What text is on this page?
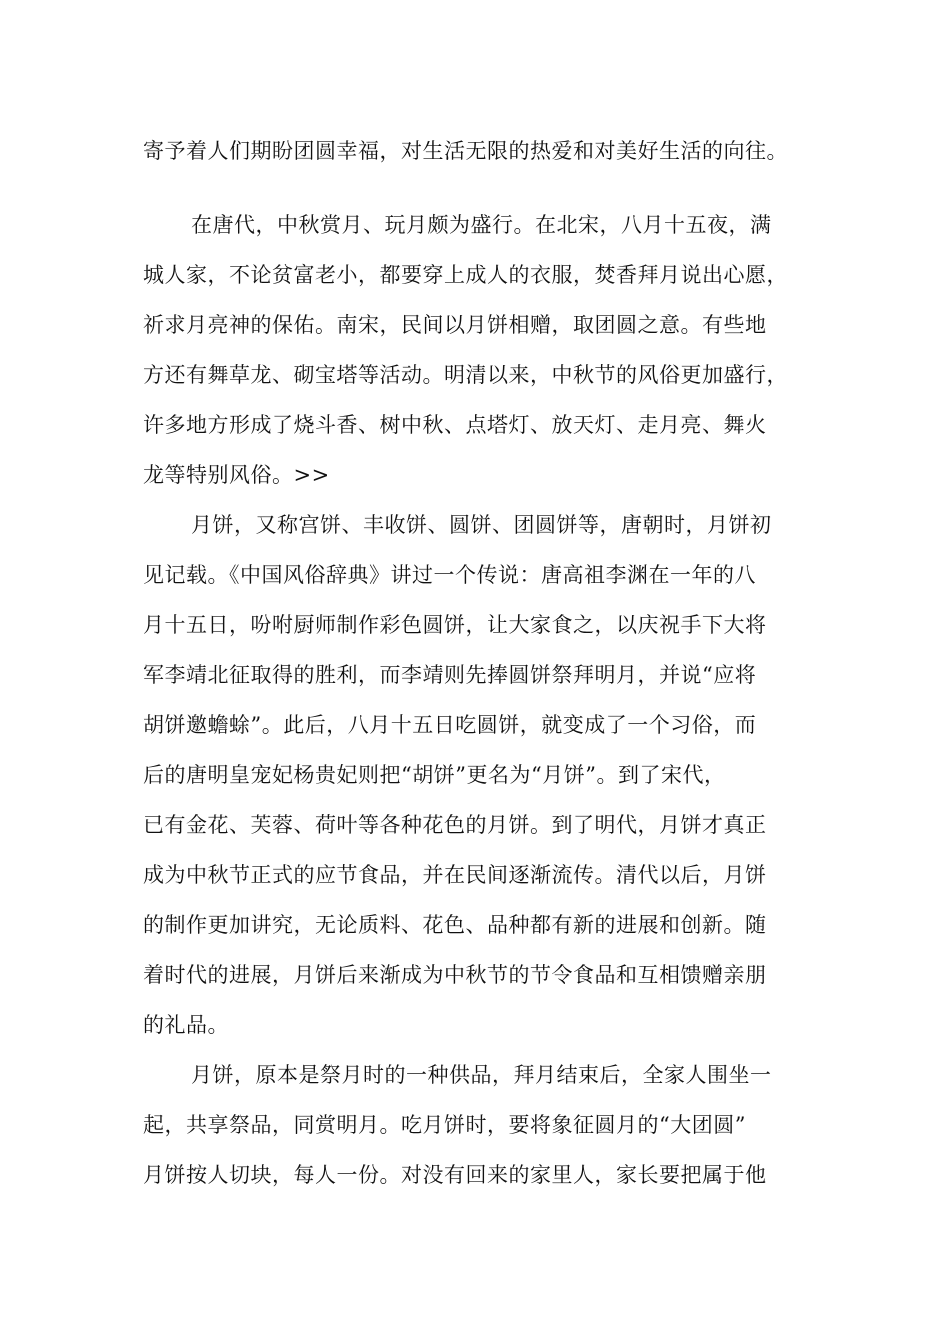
寄予着人们期盼团圆幸福，对生活无限的热爱和对美好生活的向往。
在唐代，中秋赏月、玩月颇为盛行。在北宋，八月十五夜，满
城人家，不论贫富老小，都要穿上成人的衣服，焚香拜月说出心愿，
祈求月亮神的保佑。南宋，民间以月饼相赠，取团圆之意。有些地
方还有舞草龙、砌宝塔等活动。明清以来，中秋节的风俗更加盛行，
许多地方形成了烧斗香、树中秋、点塔灯、放天灯、走月亮、舞火
龙等特别风俗。>>
月饼，又称宫饼、丰收饼、圆饼、团圆饼等，唐朝时，月饼初
见记载。《中国风俗辞典》讲过一个传说：唐高祖李渊在一年的八
月十五日，吩咐厨师制作彩色圆饼，让大家食之，以庆祝手下大将
军李靖北征取得的胜利，而李靖则先捧圆饼祭拜明月，并说“应将
胡饼邀蟾蜍”。此后，八月十五日吃圆饼，就变成了一个习俗，而
后的唐明皇宠妃杨贵妃则把“胡饼”更名为“月饼”。到了宋代，
已有金花、芙蓉、荷叶等各种花色的月饼。到了明代，月饼才真正
成为中秋节正式的应节食品，并在民间逐渐流传。清代以后，月饼
的制作更加讲究，无论质料、花色、品种都有新的进展和创新。随
着时代的进展，月饼后来渐成为中秋节的节令食品和互相馈赠亲朋
的礼品。
月饼，原本是祭月时的一种供品，拜月结束后，全家人围坐一
起，共享祭品，同赏明月。吃月饼时，要将象征圆月的“大团圆”
月饼按人切块，每人一份。对没有回来的家里人，家长要把属于他
